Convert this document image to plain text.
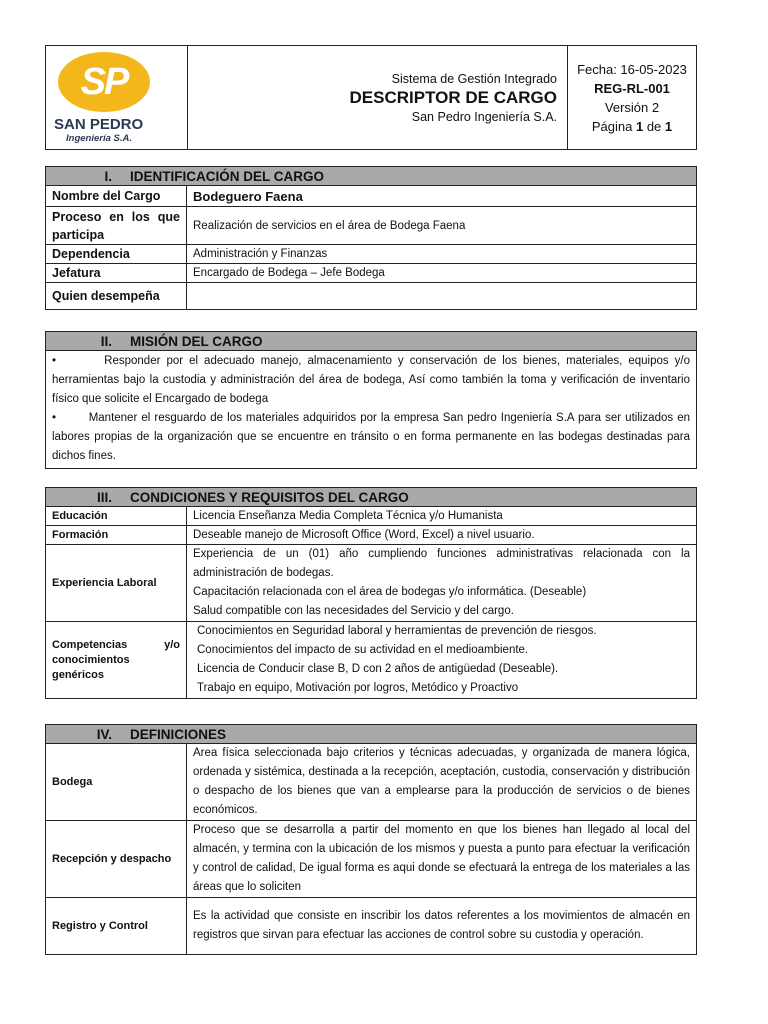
SP
SAN PEDRO
Ingeniería S.A.

Sistema de Gestión Integrado
DESCRIPTOR DE CARGO
San Pedro Ingeniería S.A.

Fecha: 16-05-2023
REG-RL-001
Versión 2
Página 1 de 1
I. IDENTIFICACIÓN DEL CARGO	
Nombre del Cargo	Bodeguero Faena
Proceso en los que participa	Realización de servicios en el área de Bodega Faena
Dependencia	Administración y Finanzas
Jefatura	Encargado de Bodega – Jefe Bodega
Quien desempeña	
II. MISIÓN DEL CARGO

•        Responder por el adecuado manejo, almacenamiento y conservación de los bienes, materiales, equipos y/o herramientas bajo la custodia y administración del área de bodega, Así como también la toma y verificación de inventario físico que solicite el Encargado de bodega
•        Mantener el resguardo de los materiales adquiridos por la empresa San pedro Ingeniería S.A para ser utilizados en labores propias de la organización que se encuentre en tránsito o en forma permanente en las bodegas destinadas para dichos fines.
III. CONDICIONES Y REQUISITOS DEL CARGO	
Educación	Licencia Enseñanza Media Completa Técnica y/o Humanista
Formación	Deseable manejo de Microsoft Office (Word, Excel) a nivel usuario.
Experiencia Laboral	Experiencia de un (01) año cumpliendo funciones administrativas relacionada con la administración de bodegas.
Capacitación relacionada con el área de bodegas y/o informática. (Deseable)
Salud compatible con las necesidades del Servicio y del cargo.

Competencias y/o conocimientos genéricos	Conocimientos en Seguridad laboral y herramientas de prevención de riesgos.
Conocimientos del impacto de su actividad en el medioambiente.
Licencia de Conducir clase B, D con 2 años de antigüedad (Deseable).
Trabajo en equipo, Motivación por logros, Metódico y Proactivo
IV. DEFINICIONES	
Bodega	Area física seleccionada bajo criterios y técnicas adecuadas, y organizada de manera lógica, ordenada y sistémica, destinada a la recepción, aceptación, custodia, conservación y distribución o despacho de los bienes que van a emplearse para la producción de servicios o de bienes económicos.
Recepción y despacho	Proceso que se desarrolla a partir del momento en que los bienes han llegado al local del almacén, y termina con la ubicación de los mismos y puesta a punto para efectuar la verificación y control de calidad, De igual forma es aqui donde se efectuará la entrega de los materiales a las áreas que lo soliciten
Registro y Control	Es la actividad que consiste en inscribir los datos referentes a los movimientos de almacén en registros que sirvan para efectuar las acciones de control sobre su custodia y operación.
